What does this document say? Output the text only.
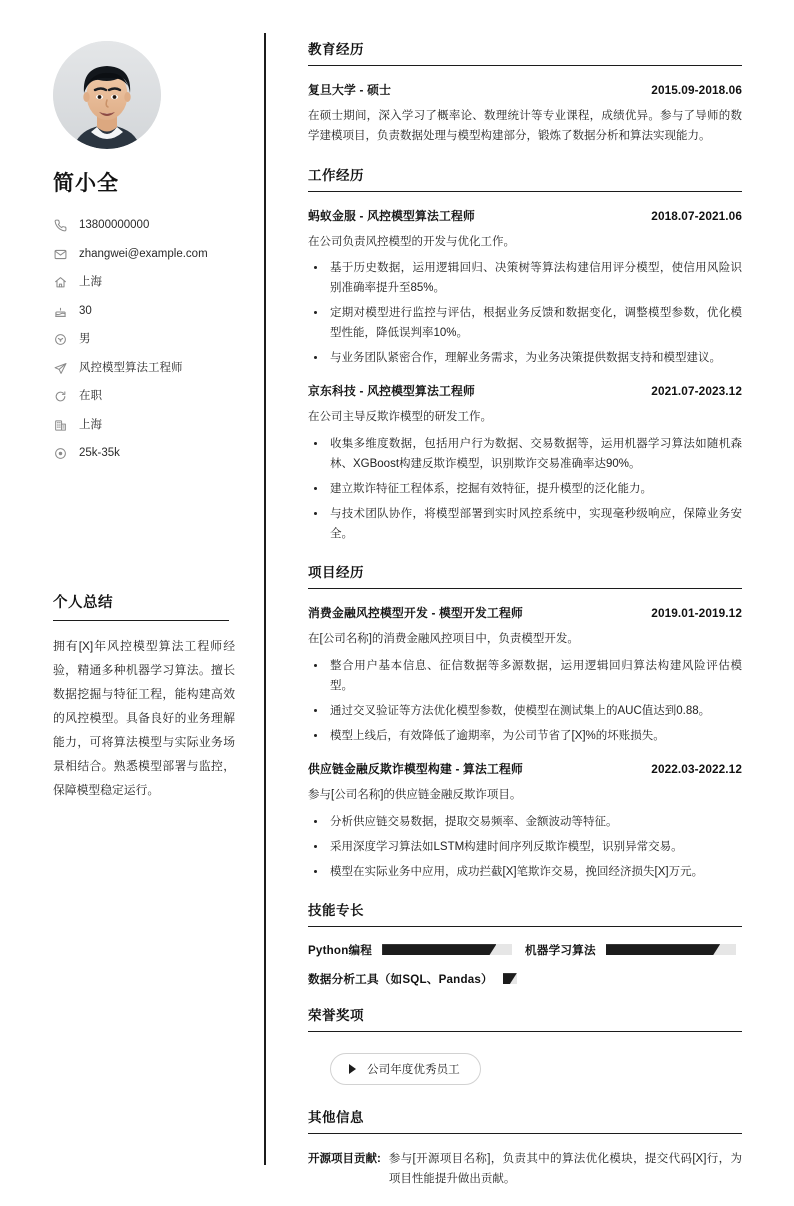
简小全
13800000000
zhangwei@example.com
上海
30
男
风控模型算法工程师
在职
上海
25k-35k
个人总结

拥有[X]年风控模型算法工程师经验，精通多种机器学习算法。擅长数据挖掘与特征工程，能构建高效的风控模型。具备良好的业务理解能力，可将算法模型与实际业务场景相结合。熟悉模型部署与监控，保障模型稳定运行。

教育经历
复旦大学 - 硕士	2015.09-2018.06

在硕士期间，深入学习了概率论、数理统计等专业课程，成绩优异。参与了导师的数学建模项目，负责数据处理与模型构建部分，锻炼了数据分析和算法实现能力。

工作经历
蚂蚁金服 - 风控模型算法工程师	2018.07-2021.06

在公司负责风控模型的开发与优化工作。

基于历史数据，运用逻辑回归、决策树等算法构建信用评分模型，使信用风险识别准确率提升至85%。
定期对模型进行监控与评估，根据业务反馈和数据变化，调整模型参数，优化模型性能，降低误判率10%。
与业务团队紧密合作，理解业务需求，为业务决策提供数据支持和模型建议。
京东科技 - 风控模型算法工程师	2021.07-2023.12

在公司主导反欺诈模型的研发工作。

收集多维度数据，包括用户行为数据、交易数据等，运用机器学习算法如随机森林、XGBoost构建反欺诈模型，识别欺诈交易准确率达90%。
建立欺诈特征工程体系，挖掘有效特征，提升模型的泛化能力。
与技术团队协作，将模型部署到实时风控系统中，实现毫秒级响应，保障业务安全。
项目经历
消费金融风控模型开发 - 模型开发工程师	2019.01-2019.12

在[公司名称]的消费金融风控项目中，负责模型开发。

整合用户基本信息、征信数据等多源数据，运用逻辑回归算法构建风险评估模型。
通过交叉验证等方法优化模型参数，使模型在测试集上的AUC值达到0.88。
模型上线后，有效降低了逾期率，为公司节省了[X]%的坏账损失。
供应链金融反欺诈模型构建 - 算法工程师	2022.03-2022.12

参与[公司名称]的供应链金融反欺诈项目。

分析供应链交易数据，提取交易频率、金额波动等特征。
采用深度学习算法如LSTM构建时间序列反欺诈模型，识别异常交易。
模型在实际业务中应用，成功拦截[X]笔欺诈交易，挽回经济损失[X]万元。
技能专长
Python编程	机器学习算法
数据分析工具（如SQL、Pandas）
荣誉奖项
公司年度优秀员工
其他信息
开源项目贡献: 参与[开源项目名称]，负责其中的算法优化模块，提交代码[X]行，为项目性能提升做出贡献。
